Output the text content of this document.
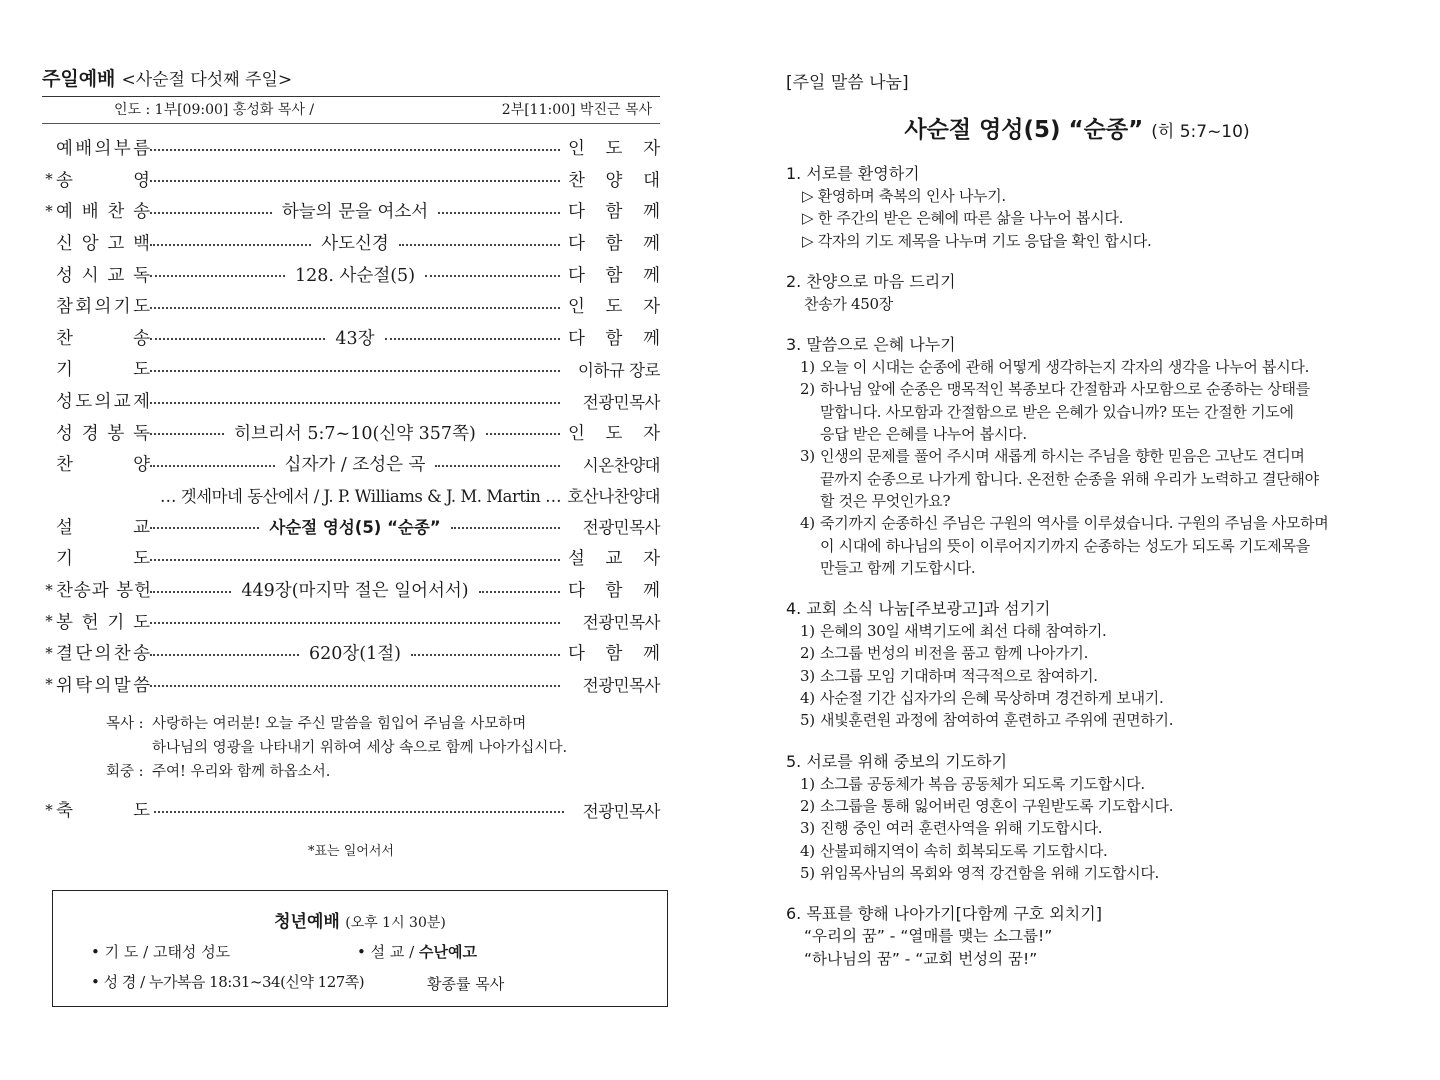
주일예배 <사순절 다섯째 주일>
인도 : 1부[09:00] 홍성화 목사 /	2부[11:00] 박진근 목사
예 배 의 부 름	인 도 자
* 송	영	찬 양 대
* 예 배 찬 송	하늘의 문을 여소서	다 함 께
신 앙 고 백	사도신경	다 함 께
성 시 교 독	128. 사순절(5)	다 함 께
참 회 의 기 도	인 도 자
찬	송	43장	다 함 께
기	도	이하규 장로
성 도 의 교 제	전광민목사
성 경 봉 독	히브리서 5:7~10(신약 357쪽)	인 도 자
찬	양	십자가 / 조성은 곡	시온찬양대
… 겟세마네 동산에서 / J. P. Williams & J. M. Martin … 호산나찬양대
설	교	사순절 영성(5) “순종”	전광민목사
기	도	설 교 자
* 찬송과 봉헌	449장(마지막 절은 일어서서)	다 함 께
* 봉 헌 기 도	전광민목사
* 결 단 의 찬 송	620장(1절)	다 함 께
* 위 탁 의 말 씀	전광민목사
목사 : 사랑하는 여러분! 오늘 주신 말씀을 힘입어 주님을 사모하며
하나님의 영광을 나타내기 위하여 세상 속으로 함께 나아가십시다.
회중 : 주여! 우리와 함께 하옵소서.
* 축	도	전광민목사
*표는 일어서서
청년예배 (오후 1시 30분)
• 기 도 / 고태성 성도	• 설 교 / 수난예고
• 성 경 / 누가복음 18:31~34(신약 127쪽)	황종률 목사
[주일 말씀 나눔]
사순절 영성(5) “순종” (히 5:7~10)
1. 서로를 환영하기
▷ 환영하며 축복의 인사 나누기.
▷ 한 주간의 받은 은혜에 따른 삶을 나누어 봅시다.
▷ 각자의 기도 제목을 나누며 기도 응답을 확인 합시다.
2. 찬양으로 마음 드리기
찬송가 450장
3. 말씀으로 은혜 나누기
1) 오늘 이 시대는 순종에 관해 어떻게 생각하는지 각자의 생각을 나누어 봅시다.
2) 하나님 앞에 순종은 맹목적인 복종보다 간절함과 사모함으로 순종하는 상태를
말합니다. 사모함과 간절함으로 받은 은혜가 있습니까? 또는 간절한 기도에
응답 받은 은혜를 나누어 봅시다.
3) 인생의 문제를 풀어 주시며 새롭게 하시는 주님을 향한 믿음은 고난도 견디며
끝까지 순종으로 나가게 합니다. 온전한 순종을 위해 우리가 노력하고 결단해야
할 것은 무엇인가요?
4) 죽기까지 순종하신 주님은 구원의 역사를 이루셨습니다. 구원의 주님을 사모하며
이 시대에 하나님의 뜻이 이루어지기까지 순종하는 성도가 되도록 기도제목을
만들고 함께 기도합시다.
4. 교회 소식 나눔[주보광고]과 섬기기
1) 은혜의 30일 새벽기도에 최선 다해 참여하기.
2) 소그룹 번성의 비전을 품고 함께 나아가기.
3) 소그룹 모임 기대하며 적극적으로 참여하기.
4) 사순절 기간 십자가의 은혜 묵상하며 경건하게 보내기.
5) 새빛훈련원 과정에 참여하여 훈련하고 주위에 권면하기.
5. 서로를 위해 중보의 기도하기
1) 소그룹 공동체가 복음 공동체가 되도록 기도합시다.
2) 소그룹을 통해 잃어버린 영혼이 구원받도록 기도합시다.
3) 진행 중인 여러 훈련사역을 위해 기도합시다.
4) 산불피해지역이 속히 회복되도록 기도합시다.
5) 위임목사님의 목회와 영적 강건함을 위해 기도합시다.
6. 목표를 향해 나아가기[다함께 구호 외치기]
“우리의 꿈” - “열매를 맺는 소그룹!”
“하나님의 꿈” - “교회 번성의 꿈!”
